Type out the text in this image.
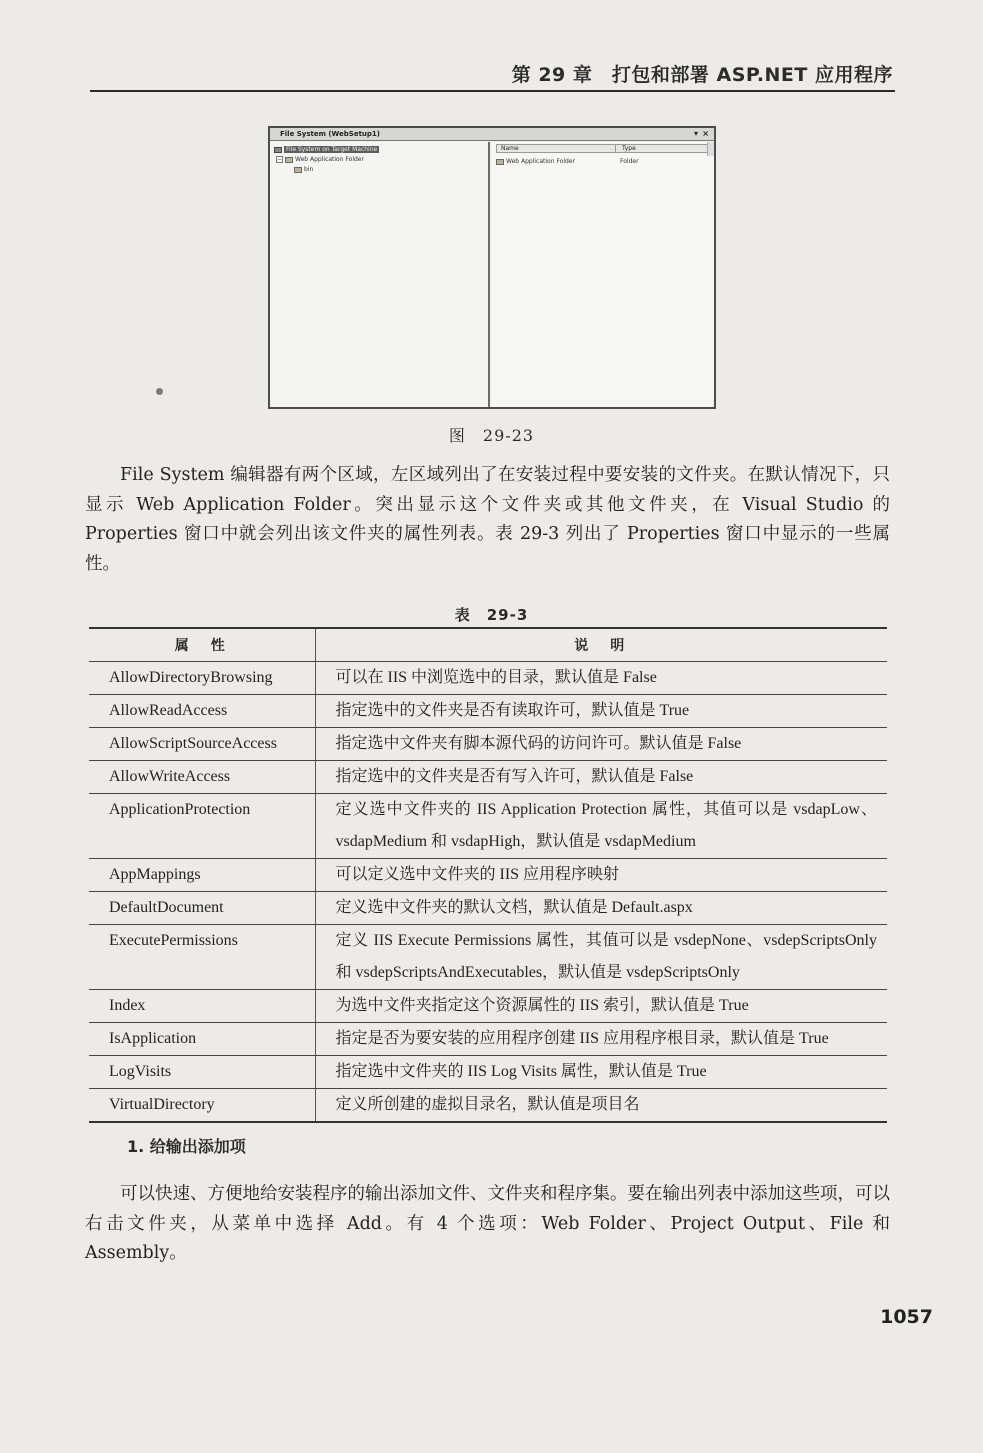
第 29 章　打包和部署 ASP.NET 应用程序
File System (WebSetup1)	▾ ×
File System on Target Machine
− Web Application Folder
bin
Name	Type
Web Application Folder	Folder
图　29-23

File System 编辑器有两个区域，左区域列出了在安装过程中要安装的文件夹。在默认情况下，只显示 Web Application Folder。突出显示这个文件夹或其他文件夹，在 Visual Studio 的 Properties 窗口中就会列出该文件夹的属性列表。表 29-3 列出了 Properties 窗口中显示的一些属性。

表　29-3
属　性	说　明
AllowDirectoryBrowsing	可以在 IIS 中浏览选中的目录，默认值是 False
AllowReadAccess	指定选中的文件夹是否有读取许可，默认值是 True
AllowScriptSourceAccess	指定选中文件夹有脚本源代码的访问许可。默认值是 False
AllowWriteAccess	指定选中的文件夹是否有写入许可，默认值是 False
ApplicationProtection	定义选中文件夹的 IIS Application Protection 属性，其值可以是 vsdapLow、vsdapMedium 和 vsdapHigh，默认值是 vsdapMedium
AppMappings	可以定义选中文件夹的 IIS 应用程序映射
DefaultDocument	定义选中文件夹的默认文档，默认值是 Default.aspx
ExecutePermissions	定义 IIS Execute Permissions 属性，其值可以是 vsdepNone、vsdepScriptsOnly 和 vsdepScriptsAndExecutables，默认值是 vsdepScriptsOnly
Index	为选中文件夹指定这个资源属性的 IIS 索引，默认值是 True
IsApplication	指定是否为要安装的应用程序创建 IIS 应用程序根目录，默认值是 True
LogVisits	指定选中文件夹的 IIS Log Visits 属性，默认值是 True
VirtualDirectory	定义所创建的虚拟目录名，默认值是项目名
1. 给输出添加项

可以快速、方便地给安装程序的输出添加文件、文件夹和程序集。要在输出列表中添加这些项，可以右击文件夹，从菜单中选择 Add。有 4 个选项：Web Folder、Project Output、File 和 Assembly。

1057
